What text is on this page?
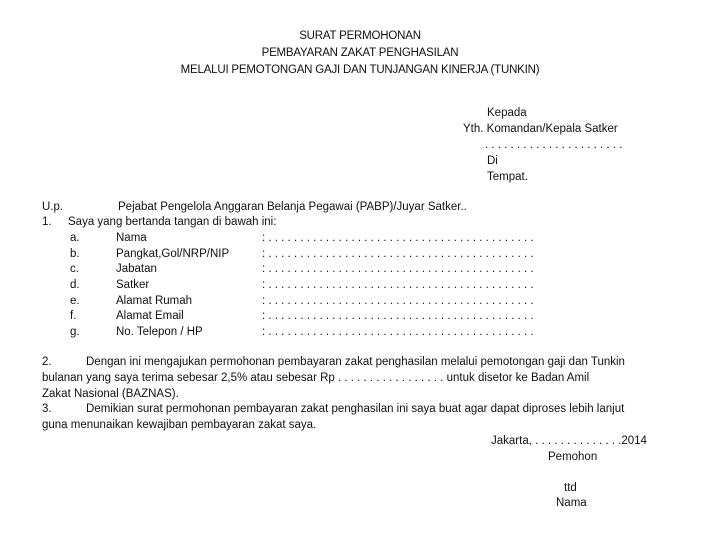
SURAT PERMOHONAN
PEMBAYARAN ZAKAT PENGHASILAN
MELALUI PEMOTONGAN GAJI DAN TUNJANGAN KINERJA (TUNKIN)
Kepada
Yth. Komandan/Kepala Satker
. . . . . . . . . . . . . . . . . . . . . .
Di
Tempat.
U.p.	Pejabat Pengelola Anggaran Belanja Pegawai (PABP)/Juyar Satker..
1. Saya yang bertanda tangan di bawah ini:
a.	Nama	: . . . . . . . . . . . . . . . . . . . . . . . . . . . . . . . . . . . . . . . . . .
b.	Pangkat,Gol/NRP/NIP	: . . . . . . . . . . . . . . . . . . . . . . . . . . . . . . . . . . . . . . . . . .
c.	Jabatan	: . . . . . . . . . . . . . . . . . . . . . . . . . . . . . . . . . . . . . . . . . .
d.	Satker	: . . . . . . . . . . . . . . . . . . . . . . . . . . . . . . . . . . . . . . . . . .
e.	Alamat Rumah	: . . . . . . . . . . . . . . . . . . . . . . . . . . . . . . . . . . . . . . . . . .
f.	Alamat Email	: . . . . . . . . . . . . . . . . . . . . . . . . . . . . . . . . . . . . . . . . . .
g.	No. Telepon / HP	: . . . . . . . . . . . . . . . . . . . . . . . . . . . . . . . . . . . . . . . . . .
2.	Dengan ini mengajukan permohonan pembayaran zakat penghasilan melalui pemotongan gaji dan Tunkin
bulanan yang saya terima sebesar 2,5% atau sebesar Rp . . . . . . . . . . . . . . . . . untuk disetor ke Badan Amil
Zakat Nasional (BAZNAS).
3.	Demikian surat permohonan pembayaran zakat penghasilan ini saya buat agar dapat diproses lebih lanjut
guna menunaikan kewajiban pembayaran zakat saya.
Jakarta, . . . . . . . . . . . . . .2014
Pemohon
ttd
Nama
